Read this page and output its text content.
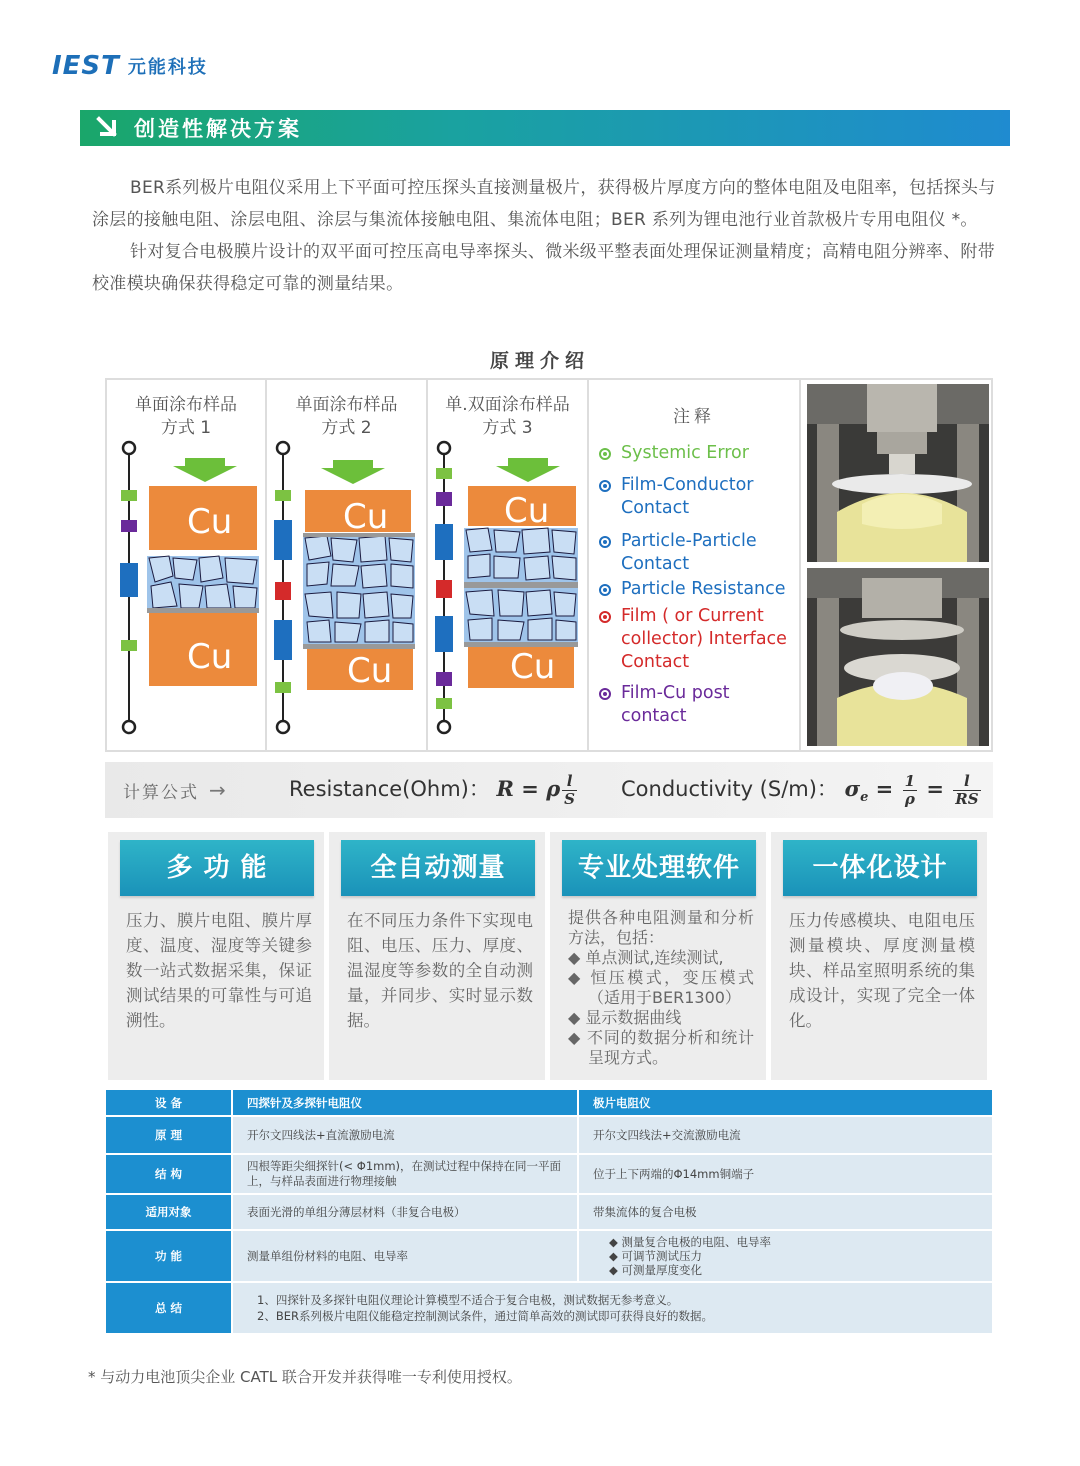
IEST 元能科技
创造性解决方案

BER系列极片电阻仪采用上下平面可控压探头直接测量极片，获得极片厚度方向的整体电阻及电阻率，包括探头与涂层的接触电阻、涂层电阻、涂层与集流体接触电阻、集流体电阻；BER 系列为锂电池行业首款极片专用电阻仪 *。

针对复合电极膜片设计的双平面可控压高电导率探头、微米级平整表面处理保证测量精度；高精电阻分辨率、附带校准模块确保获得稳定可靠的测量结果。

原理介绍
单面涂布样品
方式 1
Cu
Cu
单面涂布样品
方式 2
Cu
Cu
单.双面涂布样品
方式 3
Cu
Cu
注释
Systemic Error
Film-Conductor Contact
Particle-Particle Contact
Particle Resistance
Film ( or Current collector) Interface Contact
Film-Cu post contact
计算公式 →	Resistance(Ohm)： R = ρ $\frac{l}{S}$ Conductivity (S/m)： $\sigma_e = \frac{1}{\rho} = \frac{l}{RS}$
多 功 能
压力、膜片电阻、膜片厚度、温度、湿度等关键参数一站式数据采集，保证测试结果的可靠性与可追溯性。
全自动测量
在不同压力条件下实现电阻、电压、压力、厚度、温湿度等参数的全自动测量，并同步、实时显示数据。
专业处理软件
提供各种电阻测量和分析方法，包括：
◆ 单点测试,连续测试,
◆ 恒压模式，变压模式（适用于BER1300）
◆ 显示数据曲线
◆ 不同的数据分析和统计呈现方式。
一体化设计
压力传感模块、电阻电压测量模块、厚度测量模块、样品室照明系统的集成设计，实现了完全一体化。
设 备	四探针及多探针电阻仪	极片电阻仪
原 理	开尔文四线法+直流激励电流	开尔文四线法+交流激励电流
结 构	四根等距尖细探针(< Φ1mm)，在测试过程中保持在同一平面上，与样品表面进行物理接触	位于上下两端的Φ14mm铜端子
适用对象	表面光滑的单组分薄层材料（非复合电极）	带集流体的复合电极
功 能	测量单组份材料的电阻、电导率	◆ 测量复合电极的电阻、电导率
◆ 可调节测试压力
◆ 可测量厚度变化

总 结	1、四探针及多探针电阻仪理论计算模型不适合于复合电极，测试数据无参考意义。
2、BER系列极片电阻仪能稳定控制测试条件，通过简单高效的测试即可获得良好的数据。	
* 与动力电池顶尖企业 CATL 联合开发并获得唯一专利使用授权。
